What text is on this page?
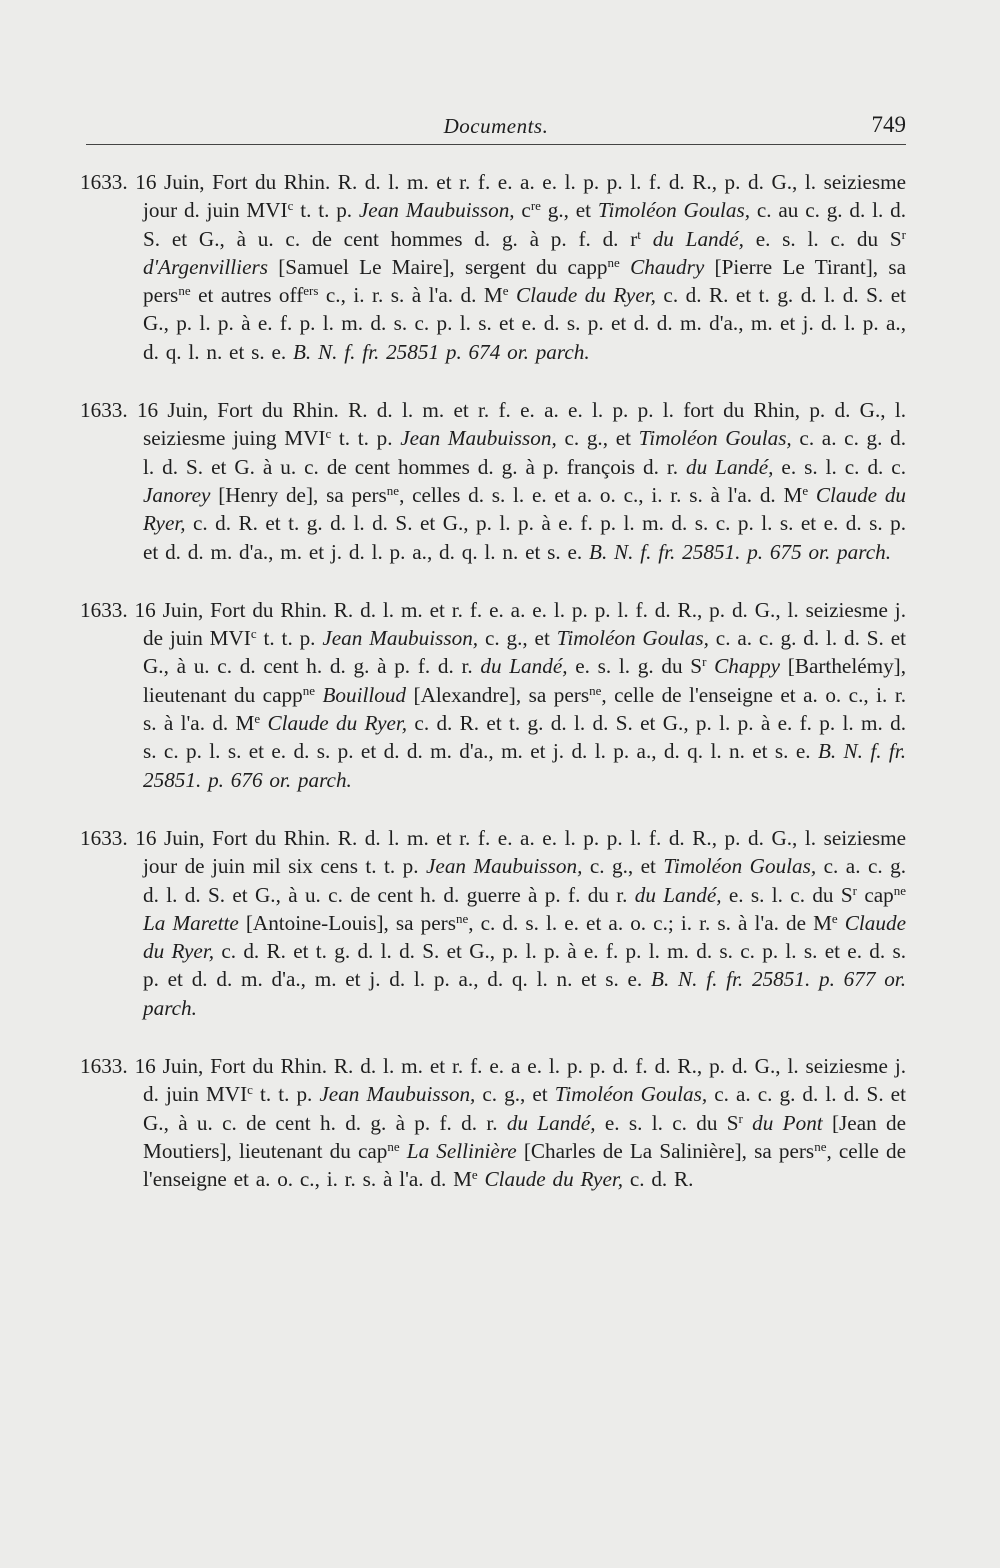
Documents.	749

1633. 16 Juin, Fort du Rhin. R. d. l. m. et r. f. e. a. e. l. p. p. l. f. d. R., p. d. G., l. seiziesme jour d. juin MVI$^c$ t. t. p. Jean Maubuisson, $c^{re}$ g., et Timoléon Goulas, c. au c. g. d. l. d. S. et G., à u. c. de cent hommes d. g. à p. f. d. $r^t$ du Landé, e. s. l. c. du $S^r$ d'Argenvilliers [Samuel Le Maire], sergent du capp$^{ne}$ Chaudry [Pierre Le Tirant], sa pers$^{ne}$ et autres off$^{ers}$ c., i. r. s. à l'a. d. Me Claude du Ryer, c. d. R. et t. g. d. l. d. S. et G., p. l. p. à e. f. p. l. m. d. s. c. p. l. s. et e. d. s. p. et d. d. m. d'a., m. et j. d. l. p. a., d. q. l. n. et s. e. B. N. f. fr. 25851 p. 674 or. parch.

1633. 16 Juin, Fort du Rhin. R. d. l. m. et r. f. e. a. e. l. p. p. l. fort du Rhin, p. d. G., l. seiziesme juing MVI$^c$ t. t. p. Jean Maubuisson, c. g., et Timoléon Goulas, c. a. c. g. d. l. d. S. et G. à u. c. de cent hommes d. g. à p. françois d. r. du Landé, e. s. l. c. d. c. Janorey [Henry de], sa pers$^{ne}$, celles d. s. l. e. et a. o. c., i. r. s. à l'a. d. Me Claude du Ryer, c. d. R. et t. g. d. l. d. S. et G., p. l. p. à e. f. p. l. m. d. s. c. p. l. s. et e. d. s. p. et d. d. m. d'a., m. et j. d. l. p. a., d. q. l. n. et s. e. B. N. f. fr. 25851. p. 675 or. parch.

1633. 16 Juin, Fort du Rhin. R. d. l. m. et r. f. e. a. e. l. p. p. l. f. d. R., p. d. G., l. seiziesme j. de juin MVI$^c$ t. t. p. Jean Maubuisson, c. g., et Timoléon Goulas, c. a. c. g. d. l. d. S. et G., à u. c. d. cent h. d. g. à p. f. d. r. du Landé, e. s. l. g. du $S^r$ Chappy [Barthelémy], lieutenant du capp$^{ne}$ Bouilloud [Alexandre], sa pers$^{ne}$, celle de l'enseigne et a. o. c., i. r. s. à l'a. d. Me Claude du Ryer, c. d. R. et t. g. d. l. d. S. et G., p. l. p. à e. f. p. l. m. d. s. c. p. l. s. et e. d. s. p. et d. d. m. d'a., m. et j. d. l. p. a., d. q. l. n. et s. e. B. N. f. fr. 25851. p. 676 or. parch.

1633. 16 Juin, Fort du Rhin. R. d. l. m. et r. f. e. a. e. l. p. p. l. f. d. R., p. d. G., l. seiziesme jour de juin mil six cens t. t. p. Jean Maubuisson, c. g., et Timoléon Goulas, c. a. c. g. d. l. d. S. et G., à u. c. de cent h. d. guerre à p. f. du r. du Landé, e. s. l. c. du $S^r$ cap$^{ne}$ La Marette [Antoine-Louis], sa pers$^{ne}$, c. d. s. l. e. et a. o. c.; i. r. s. à l'a. de Me Claude du Ryer, c. d. R. et t. g. d. l. d. S. et G., p. l. p. à e. f. p. l. m. d. s. c. p. l. s. et e. d. s. p. et d. d. m. d'a., m. et j. d. l. p. a., d. q. l. n. et s. e. B. N. f. fr. 25851. p. 677 or. parch.

1633. 16 Juin, Fort du Rhin. R. d. l. m. et r. f. e. a e. l. p. p. d. f. d. R., p. d. G., l. seiziesme j. d. juin MVI$^c$ t. t. p. Jean Maubuisson, c. g., et Timoléon Goulas, c. a. c. g. d. l. d. S. et G., à u. c. de cent h. d. g. à p. f. d. r. du Landé, e. s. l. c. du $S^r$ du Pont [Jean de Moutiers], lieutenant du cap$^{ne}$ La Sellinière [Charles de La Salinière], sa pers$^{ne}$, celle de l'enseigne et a. o. c., i. r. s. à l'a. d. Me Claude du Ryer, c. d. R.
